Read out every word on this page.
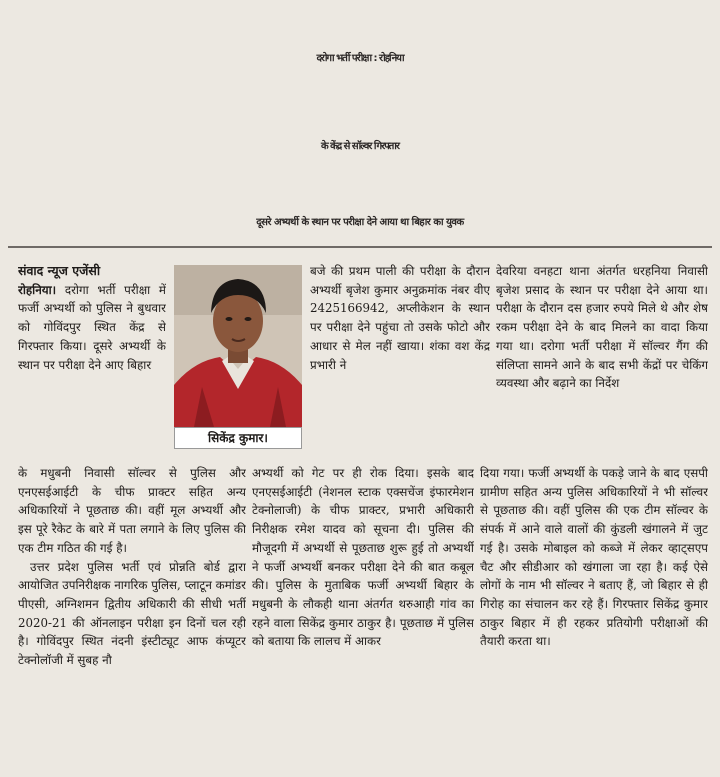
दरोगा भर्ती परीक्षा : रोहनिया
के केंद्र से सॉल्वर गिरफ्तार
दूसरे अभ्यर्थी के स्थान पर परीक्षा देने आया था बिहार का युवक

संवाद न्यूज एजेंसी

रोहनिया। दरोगा भर्ती परीक्षा में फर्जी अभ्यर्थी को पुलिस ने बुधवार को गोविंदपुर स्थित केंद्र से गिरफ्तार किया। दूसरे अभ्यर्थी के स्थान पर परीक्षा देने आए बिहार

सिकेंद्र कुमार।

बजे की प्रथम पाली की परीक्षा के दौरान अभ्यर्थी बृजेश कुमार अनुक्रमांक नंबर वीए 2425166942, अप्लीकेशन के स्थान पर परीक्षा देने पहुंचा तो उसके फोटो और आधार से मेल नहीं खाया। शंका वश केंद्र प्रभारी ने

देवरिया वनहटा थाना अंतर्गत धरहनिया निवासी बृजेश प्रसाद के स्थान पर परीक्षा देने आया था। परीक्षा के दौरान दस हजार रुपये मिले थे और शेष रकम परीक्षा देने के बाद मिलने का वादा किया गया था। दरोगा भर्ती परीक्षा में सॉल्वर गैंग की संलिप्ता सामने आने के बाद सभी केंद्रों पर चेकिंग व्यवस्था और बढ़ाने का निर्देश

के मधुबनी निवासी सॉल्वर से पुलिस और एनएसईआईटी के चीफ प्राक्टर सहित अन्य अधिकारियों ने पूछताछ की। वहीं मूल अभ्यर्थी और इस पूरे रैकेट के बारे में पता लगाने के लिए पुलिस की एक टीम गठित की गई है।

उत्तर प्रदेश पुलिस भर्ती एवं प्रोन्नति बोर्ड द्वारा आयोजित उपनिरीक्षक नागरिक पुलिस, प्लाटून कमांडर पीएसी, अग्निशमन द्वितीय अधिकारी की सीधी भर्ती 2020-21 की ऑनलाइन परीक्षा इन दिनों चल रही है। गोविंदपुर स्थित नंदनी इंस्टीट्यूट आफ कंप्यूटर टेक्नोलॉजी में सुबह नौ

अभ्यर्थी को गेट पर ही रोक दिया। इसके बाद एनएसईआईटी (नेशनल स्टाक एक्सचेंज इंफारमेशन टेक्नोलाजी) के चीफ प्राक्टर, प्रभारी अधिकारी निरीक्षक रमेश यादव को सूचना दी। पुलिस की मौजूदगी में अभ्यर्थी से पूछताछ शुरू हुई तो अभ्यर्थी ने फर्जी अभ्यर्थी बनकर परीक्षा देने की बात कबूल की। पुलिस के मुताबिक फर्जी अभ्यर्थी बिहार के मधुबनी के लौकही थाना अंतर्गत थरुआही गांव का रहने वाला सिकेंद्र कुमार ठाकुर है। पूछताछ में पुलिस को बताया कि लालच में आकर

दिया गया। फर्जी अभ्यर्थी के पकड़े जाने के बाद एसपी ग्रामीण सहित अन्य पुलिस अधिकारियों ने भी सॉल्वर से पूछताछ की। वहीं पुलिस की एक टीम सॉल्वर के संपर्क में आने वाले वालों की कुंडली खंगालने में जुट गई है। उसके मोबाइल को कब्जे में लेकर व्हाट्सएप चैट और सीडीआर को खंगाला जा रहा है। कई ऐसे लोगों के नाम भी सॉल्वर ने बताए हैं, जो बिहार से ही गिरोह का संचालन कर रहे हैं। गिरफ्तार सिकेंद्र कुमार ठाकुर बिहार में ही रहकर प्रतियोगी परीक्षाओं की तैयारी करता था।
